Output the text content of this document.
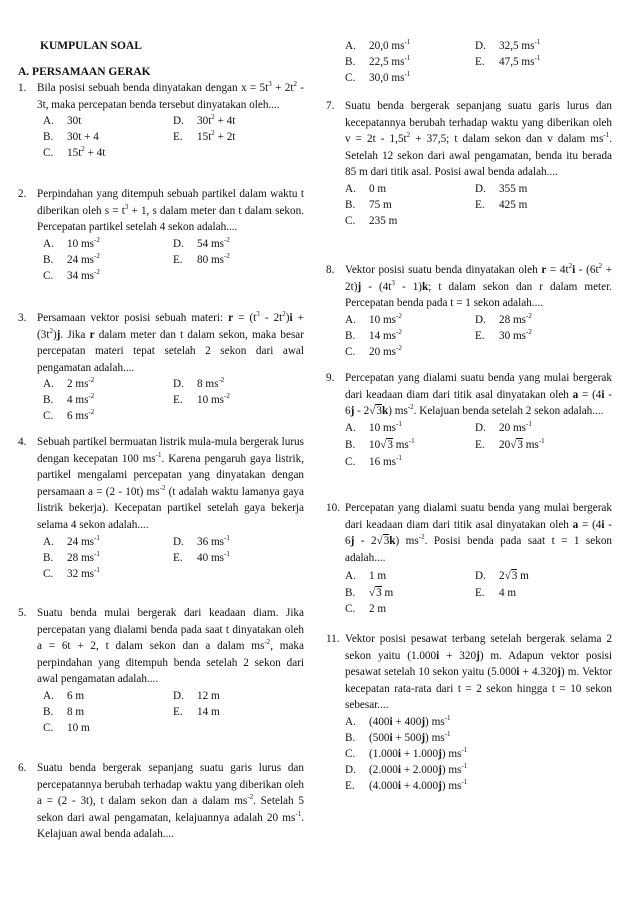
KUMPULAN SOAL
A. PERSAMAAN GERAK
1. Bila posisi sebuah benda dinyatakan dengan $x = 5t^3 + 2t^2 - 3t$, maka percepatan benda tersebut dinyatakan oleh....
A. 30t
B. 30t + 4
C. $15t^2 + 4t$
D. $30t^2 + 4t$
E. $15t^2 + 2t$
2. Perpindahan yang ditempuh sebuah partikel dalam waktu t diberikan oleh $s = t^3 + 1$, s dalam meter dan t dalam sekon. Percepatan partikel setelah 4 sekon adalah....
A. 10 $ms^{-2}$
B. 24 $ms^{-2}$
C. 34 $ms^{-2}$
D. 54 $ms^{-2}$
E. 80 $ms^{-2}$
3. Persamaan vektor posisi sebuah materi: $r = (t^3 - 2t^2)i + (3t^2)j$. Jika r dalam meter dan t dalam sekon, maka besar percepatan materi tepat setelah 2 sekon dari awal pengamatan adalah....
A. 2 $ms^{-2}$
B. 4 $ms^{-2}$
C. 6 $ms^{-2}$
D. 8 $ms^{-2}$
E. 10 $ms^{-2}$
4. Sebuah partikel bermuatan listrik mula-mula bergerak lurus dengan kecepatan 100 $ms^{-1}$. Karena pengaruh gaya listrik, partikel mengalami percepatan yang dinyatakan dengan persamaan a = (2 - 10t) $ms^{-2}$ (t adalah waktu lamanya gaya listrik bekerja). Kecepatan partikel setelah gaya bekerja selama 4 sekon adalah....
A. 24 $ms^{-1}$
B. 28 $ms^{-1}$
C. 32 $ms^{-1}$
D. 36 $ms^{-1}$
E. 40 $ms^{-1}$
5. Suatu benda mulai bergerak dari keadaan diam. Jika percepatan yang dialami benda pada saat t dinyatakan oleh a = 6t + 2, t dalam sekon dan a dalam $ms^{-2}$, maka perpindahan yang ditempuh benda setelah 2 sekon dari awal pengamatan adalah....
A. 6 m
B. 8 m
C. 10 m
D. 12 m
E. 14 m
6. Suatu benda bergerak sepanjang suatu garis lurus dan percepatannya berubah terhadap waktu yang diberikan oleh a = (2 - 3t), t dalam sekon dan a dalam $ms^{-2}$. Setelah 5 sekon dari awal pengamatan, kelajuannya adalah 20 $ms^{-1}$. Kelajuan awal benda adalah....
A. 20,0 $ms^{-1}$
B. 22,5 $ms^{-1}$
C. 30,0 $ms^{-1}$
D. 32,5 $ms^{-1}$
E. 47,5 $ms^{-1}$
7. Suatu benda bergerak sepanjang suatu garis lurus dan kecepatannya berubah terhadap waktu yang diberikan oleh $v = 2t - 1,5t^2 + 37,5$; t dalam sekon dan v dalam $ms^{-1}$. Setelah 12 sekon dari awal pengamatan, benda itu berada 85 m dari titik asal. Posisi awal benda adalah....
A. 0 m
B. 75 m
C. 235 m
D. 355 m
E. 425 m
8. Vektor posisi suatu benda dinyatakan oleh $r = 4t^2i - (6t^2 + 2t)j - (4t^3 - 1)k$; t dalam sekon dan r dalam meter. Percepatan benda pada t = 1 sekon adalah....
A. 10 $ms^{-2}$
B. 14 $ms^{-2}$
C. 20 $ms^{-2}$
D. 28 $ms^{-2}$
E. 30 $ms^{-2}$
9. Percepatan yang dialami suatu benda yang mulai bergerak dari keadaan diam dari titik asal dinyatakan oleh a = (4i - 6j - 2√3k) $ms^{-2}$. Kelajuan benda setelah 2 sekon adalah....
A. 10 $ms^{-1}$
B. 10√3 $ms^{-1}$
C. 16 $ms^{-1}$
D. 20 $ms^{-1}$
E. 20√3 $ms^{-1}$
10. Percepatan yang dialami suatu benda yang mulai bergerak dari keadaan diam dari titik asal dinyatakan oleh a = (4i - 6j - 2√3k) $ms^{-2}$. Posisi benda pada saat t = 1 sekon adalah....
A. 1 m
B. √3 m
C. 2 m
D. 2√3 m
E. 4 m
11. Vektor posisi pesawat terbang setelah bergerak selama 2 sekon yaitu (1.000i + 320j) m. Adapun vektor posisi pesawat setelah 10 sekon yaitu (5.000i + 4.320j) m. Vektor kecepatan rata-rata dari t = 2 sekon hingga t = 10 sekon sebesar....
A. (400i + 400j) $ms^{-1}$
B. (500i + 500j) $ms^{-1}$
C. (1.000i + 1.000j) $ms^{-1}$
D. (2.000i + 2.000j) $ms^{-1}$
E. (4.000i + 4.000j) $ms^{-1}$
